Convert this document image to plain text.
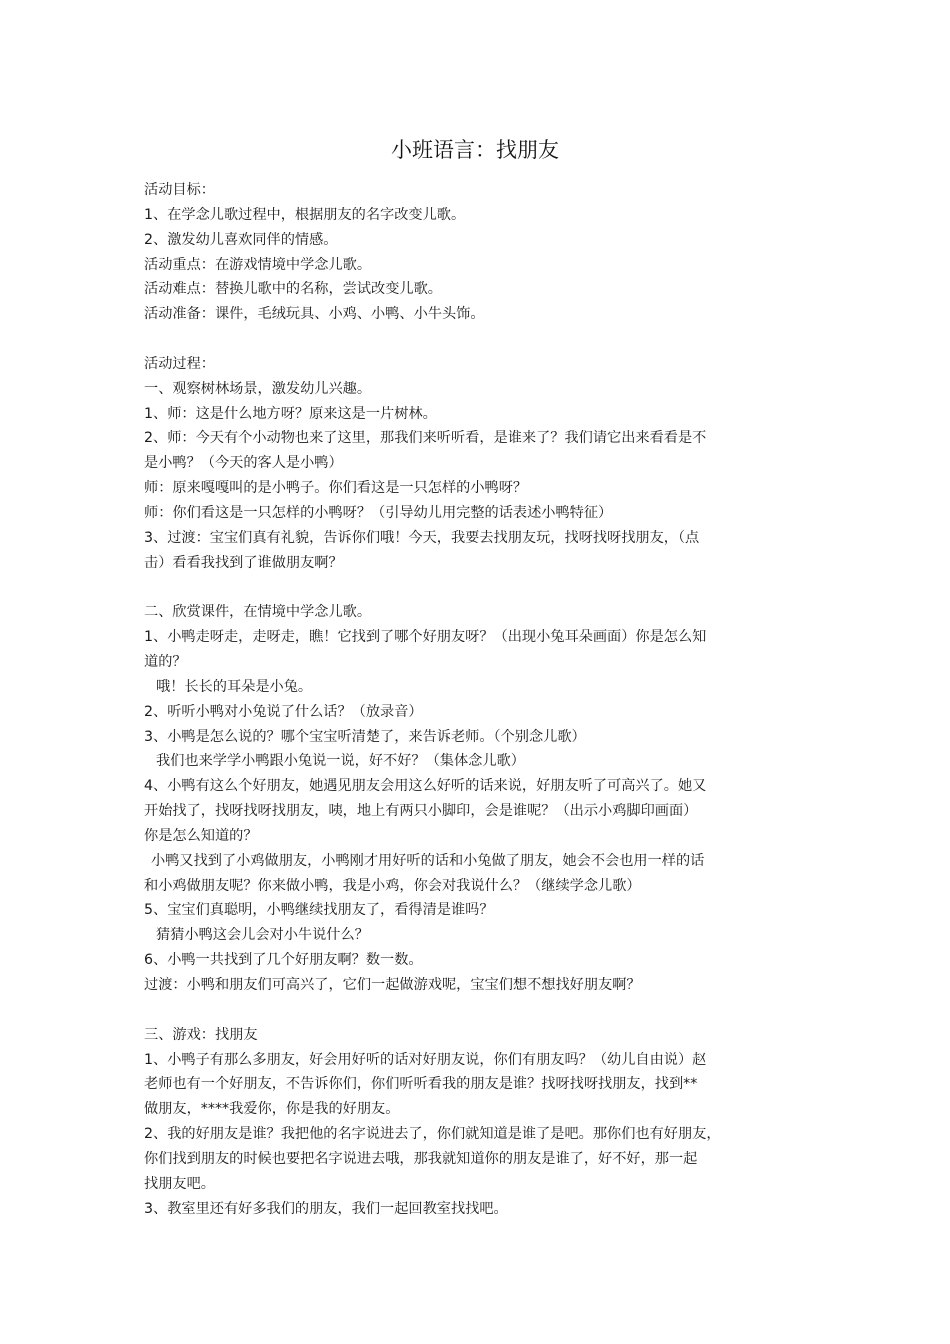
小班语言：找朋友
活动目标：
1、在学念儿歌过程中，根据朋友的名字改变儿歌。
2、激发幼儿喜欢同伴的情感。
活动重点：在游戏情境中学念儿歌。
活动难点：替换儿歌中的名称，尝试改变儿歌。
活动准备：课件，毛绒玩具、小鸡、小鸭、小牛头饰。
活动过程：
一、观察树林场景，激发幼儿兴趣。
1、师：这是什么地方呀？原来这是一片树林。
2、师：今天有个小动物也来了这里，那我们来听听看，是谁来了？我们请它出来看看是不
是小鸭？（今天的客人是小鸭）
师：原来嘎嘎叫的是小鸭子。你们看这是一只怎样的小鸭呀？
师：你们看这是一只怎样的小鸭呀？（引导幼儿用完整的话表述小鸭特征）
3、过渡：宝宝们真有礼貌，告诉你们哦！今天，我要去找朋友玩，找呀找呀找朋友，（点
击）看看我找到了谁做朋友啊？
二、欣赏课件，在情境中学念儿歌。
1、小鸭走呀走，走呀走，瞧！它找到了哪个好朋友呀？（出现小兔耳朵画面）你是怎么知
道的？
哦！长长的耳朵是小兔。
2、听听小鸭对小兔说了什么话？（放录音）
3、小鸭是怎么说的？哪个宝宝听清楚了，来告诉老师。（个别念儿歌）
我们也来学学小鸭跟小兔说一说，好不好？（集体念儿歌）
4、小鸭有这么个好朋友，她遇见朋友会用这么好听的话来说，好朋友听了可高兴了。她又
开始找了，找呀找呀找朋友，咦，地上有两只小脚印，会是谁呢？（出示小鸡脚印画面）
你是怎么知道的？
小鸭又找到了小鸡做朋友，小鸭刚才用好听的话和小兔做了朋友，她会不会也用一样的话
和小鸡做朋友呢？你来做小鸭，我是小鸡，你会对我说什么？（继续学念儿歌）
5、宝宝们真聪明，小鸭继续找朋友了，看得清是谁吗？
猜猜小鸭这会儿会对小牛说什么？
6、小鸭一共找到了几个好朋友啊？数一数。
过渡：小鸭和朋友们可高兴了，它们一起做游戏呢，宝宝们想不想找好朋友啊？
三、游戏：找朋友
1、小鸭子有那么多朋友，好会用好听的话对好朋友说，你们有朋友吗？（幼儿自由说）赵
老师也有一个好朋友，不告诉你们，你们听听看我的朋友是谁？找呀找呀找朋友，找到**
做朋友，****我爱你，你是我的好朋友。
2、我的好朋友是谁？我把他的名字说进去了，你们就知道是谁了是吧。那你们也有好朋友，
你们找到朋友的时候也要把名字说进去哦，那我就知道你的朋友是谁了，好不好，那一起
找朋友吧。
3、教室里还有好多我们的朋友，我们一起回教室找找吧。
